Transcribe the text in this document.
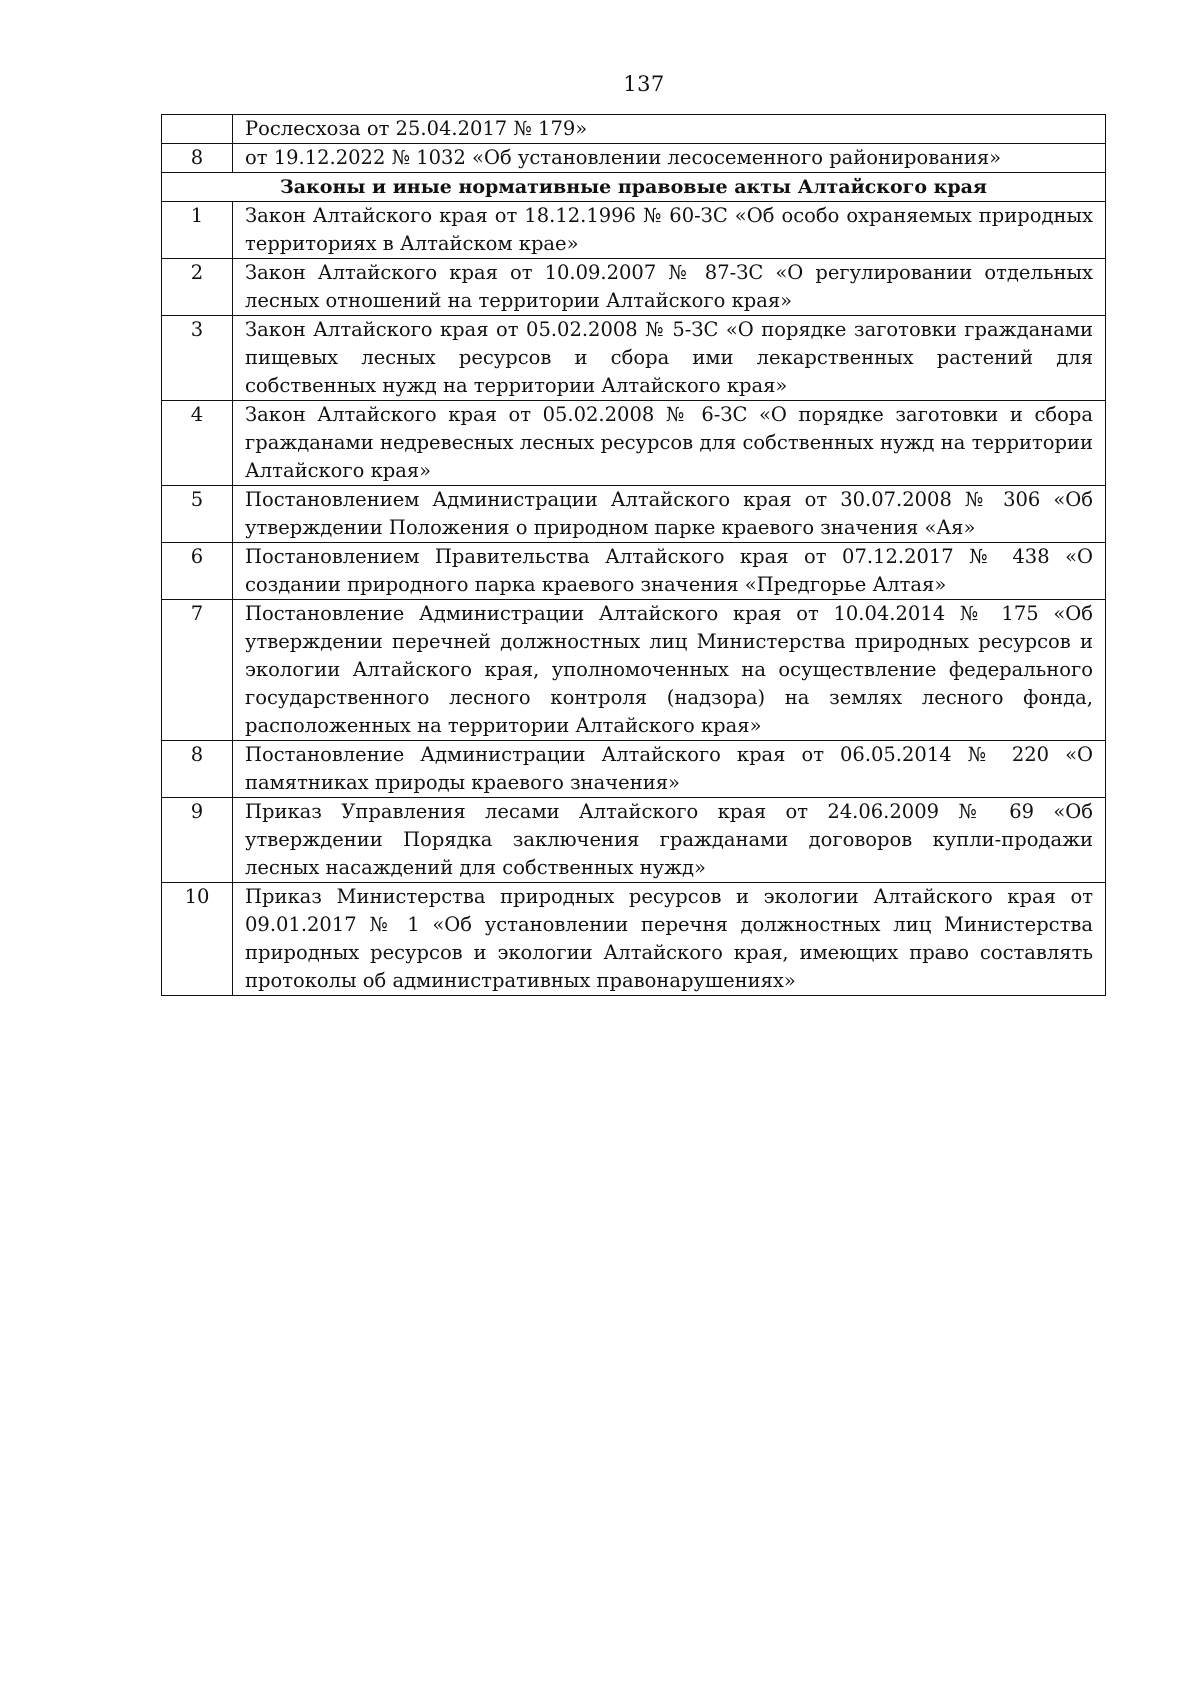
137
	Рослесхоза от 25.04.2017 № 179»
8	от 19.12.2022 № 1032 «Об установлении лесосеменного районирования»
Законы и иные нормативные правовые акты Алтайского края	
1	Закон Алтайского края от 18.12.1996 № 60-ЗС «Об особо охраняемых природных территориях в Алтайском крае»
2	Закон Алтайского края от 10.09.2007 № 87-ЗС «О регулировании отдельных лесных отношений на территории Алтайского края»
3	Закон Алтайского края от 05.02.2008 № 5-ЗС «О порядке заготовки гражданами пищевых лесных ресурсов и сбора ими лекарственных растений для собственных нужд на территории Алтайского края»
4	Закон Алтайского края от 05.02.2008 № 6-ЗС «О порядке заготовки и сбора гражданами недревесных лесных ресурсов для собственных нужд на территории Алтайского края»
5	Постановлением Администрации Алтайского края от 30.07.2008 № 306 «Об утверждении Положения о природном парке краевого значения «Ая»
6	Постановлением Правительства Алтайского края от 07.12.2017 № 438 «О создании природного парка краевого значения «Предгорье Алтая»
7	Постановление Администрации Алтайского края от 10.04.2014 № 175 «Об утверждении перечней должностных лиц Министерства природных ресурсов и экологии Алтайского края, уполномоченных на осуществление федерального государственного лесного контроля (надзора) на землях лесного фонда, расположенных на территории Алтайского края»
8	Постановление Администрации Алтайского края от 06.05.2014 № 220 «О памятниках природы краевого значения»
9	Приказ Управления лесами Алтайского края от 24.06.2009 № 69 «Об утверждении Порядка заключения гражданами договоров купли-продажи лесных насаждений для собственных нужд»
10	Приказ Министерства природных ресурсов и экологии Алтайского края от 09.01.2017 № 1 «Об установлении перечня должностных лиц Министерства природных ресурсов и экологии Алтайского края, имеющих право составлять протоколы об административных правонарушениях»
